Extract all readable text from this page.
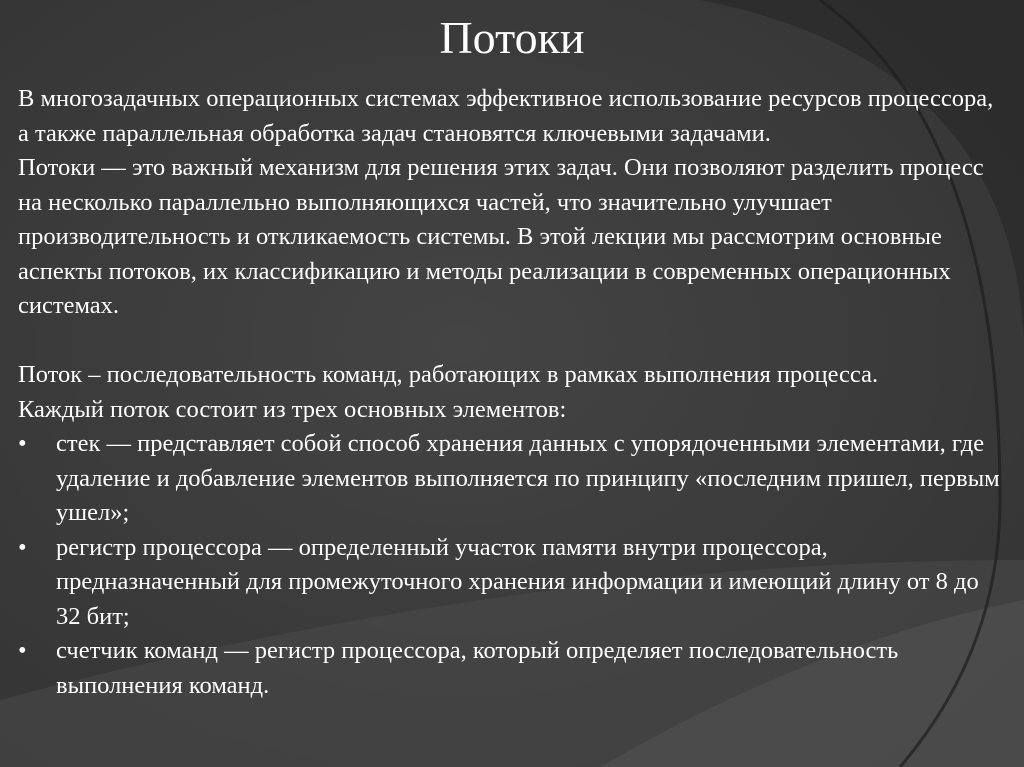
Потоки

В многозадачных операционных системах эффективное использование ресурсов процессора, а также параллельная обработка задач становятся ключевыми задачами.

Потоки — это важный механизм для решения этих задач. Они позволяют разделить процесс на несколько параллельно выполняющихся частей, что значительно улучшает производительность и откликаемость системы. В этой лекции мы рассмотрим основные аспекты потоков, их классификацию и методы реализации в современных операционных системах.

Поток – последовательность команд, работающих в рамках выполнения процесса.

Каждый поток состоит из трех основных элементов:

• стек — представляет собой способ хранения данных с упорядоченными элементами, где удаление и добавление элементов выполняется по принципу «последним пришел, первым ушел»;
• регистр процессора — определенный участок памяти внутри процессора, предназначенный для промежуточного хранения информации и имеющий длину от 8 до 32 бит;
• счетчик команд — регистр процессора, который определяет последовательность выполнения команд.
